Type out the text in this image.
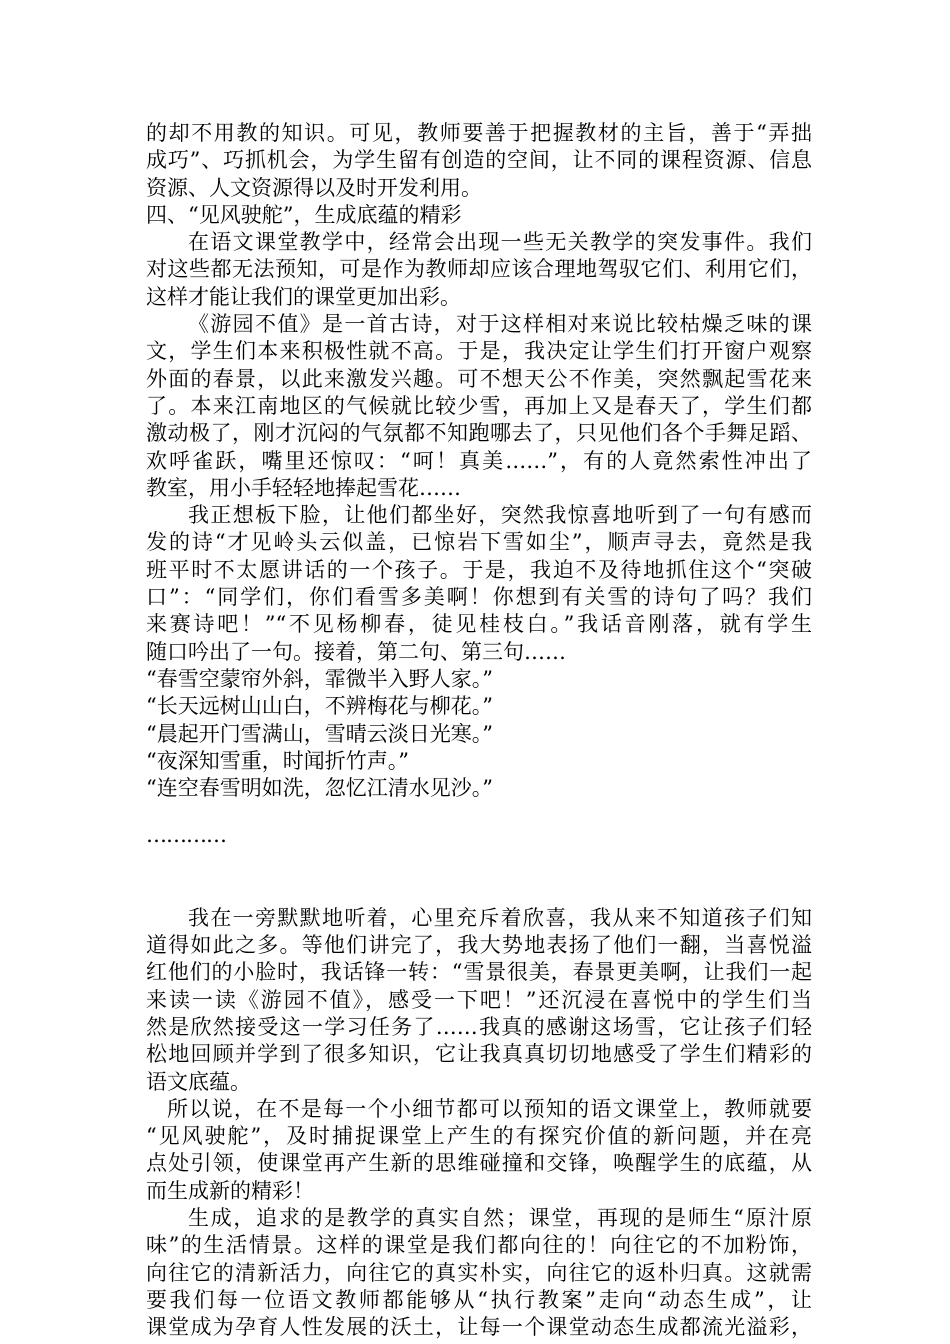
的却不用教的知识。可见，教师要善于把握教材的主旨，善于“弄拙
成巧”、巧抓机会，为学生留有创造的空间，让不同的课程资源、信息
资源、人文资源得以及时开发利用。
四、“见风驶舵”，生成底蕴的精彩
在语文课堂教学中，经常会出现一些无关教学的突发事件。我们
对这些都无法预知，可是作为教师却应该合理地驾驭它们、利用它们，
这样才能让我们的课堂更加出彩。
《游园不值》是一首古诗，对于这样相对来说比较枯燥乏味的课
文，学生们本来积极性就不高。于是，我决定让学生们打开窗户观察
外面的春景，以此来激发兴趣。可不想天公不作美，突然飘起雪花来
了。本来江南地区的气候就比较少雪，再加上又是春天了，学生们都
激动极了，刚才沉闷的气氛都不知跑哪去了，只见他们各个手舞足蹈、
欢呼雀跃，嘴里还惊叹：“呵！真美……”，有的人竟然索性冲出了
教室，用小手轻轻地捧起雪花……
我正想板下脸，让他们都坐好，突然我惊喜地听到了一句有感而
发的诗“才见岭头云似盖，已惊岩下雪如尘”，顺声寻去，竟然是我
班平时不太愿讲话的一个孩子。于是，我迫不及待地抓住这个“突破
口”：“同学们，你们看雪多美啊！你想到有关雪的诗句了吗？我们
来赛诗吧！”“不见杨柳春，徒见桂枝白。”我话音刚落，就有学生
随口吟出了一句。接着，第二句、第三句……
“春雪空蒙帘外斜，霏微半入野人家。”
“长天远树山山白，不辨梅花与柳花。”
“晨起开门雪满山，雪晴云淡日光寒。”
“夜深知雪重，时闻折竹声。”
“连空春雪明如洗，忽忆江清水见沙。”
…………
我在一旁默默地听着，心里充斥着欣喜，我从来不知道孩子们知
道得如此之多。等他们讲完了，我大势地表扬了他们一翻，当喜悦溢
红他们的小脸时，我话锋一转：“雪景很美，春景更美啊，让我们一起
来读一读《游园不值》，感受一下吧！”还沉浸在喜悦中的学生们当
然是欣然接受这一学习任务了……我真的感谢这场雪，它让孩子们轻
松地回顾并学到了很多知识，它让我真真切切地感受了学生们精彩的
语文底蕴。
所以说，在不是每一个小细节都可以预知的语文课堂上，教师就要
“见风驶舵”，及时捕捉课堂上产生的有探究价值的新问题，并在亮
点处引领，使课堂再产生新的思维碰撞和交锋，唤醒学生的底蕴，从
而生成新的精彩！
生成，追求的是教学的真实自然；课堂，再现的是师生“原汁原
味”的生活情景。这样的课堂是我们都向往的！向往它的不加粉饰，
向往它的清新活力，向往它的真实朴实，向往它的返朴归真。这就需
要我们每一位语文教师都能够从“执行教案”走向“动态生成”，让
课堂成为孕育人性发展的沃土，让每一个课堂动态生成都流光溢彩，
